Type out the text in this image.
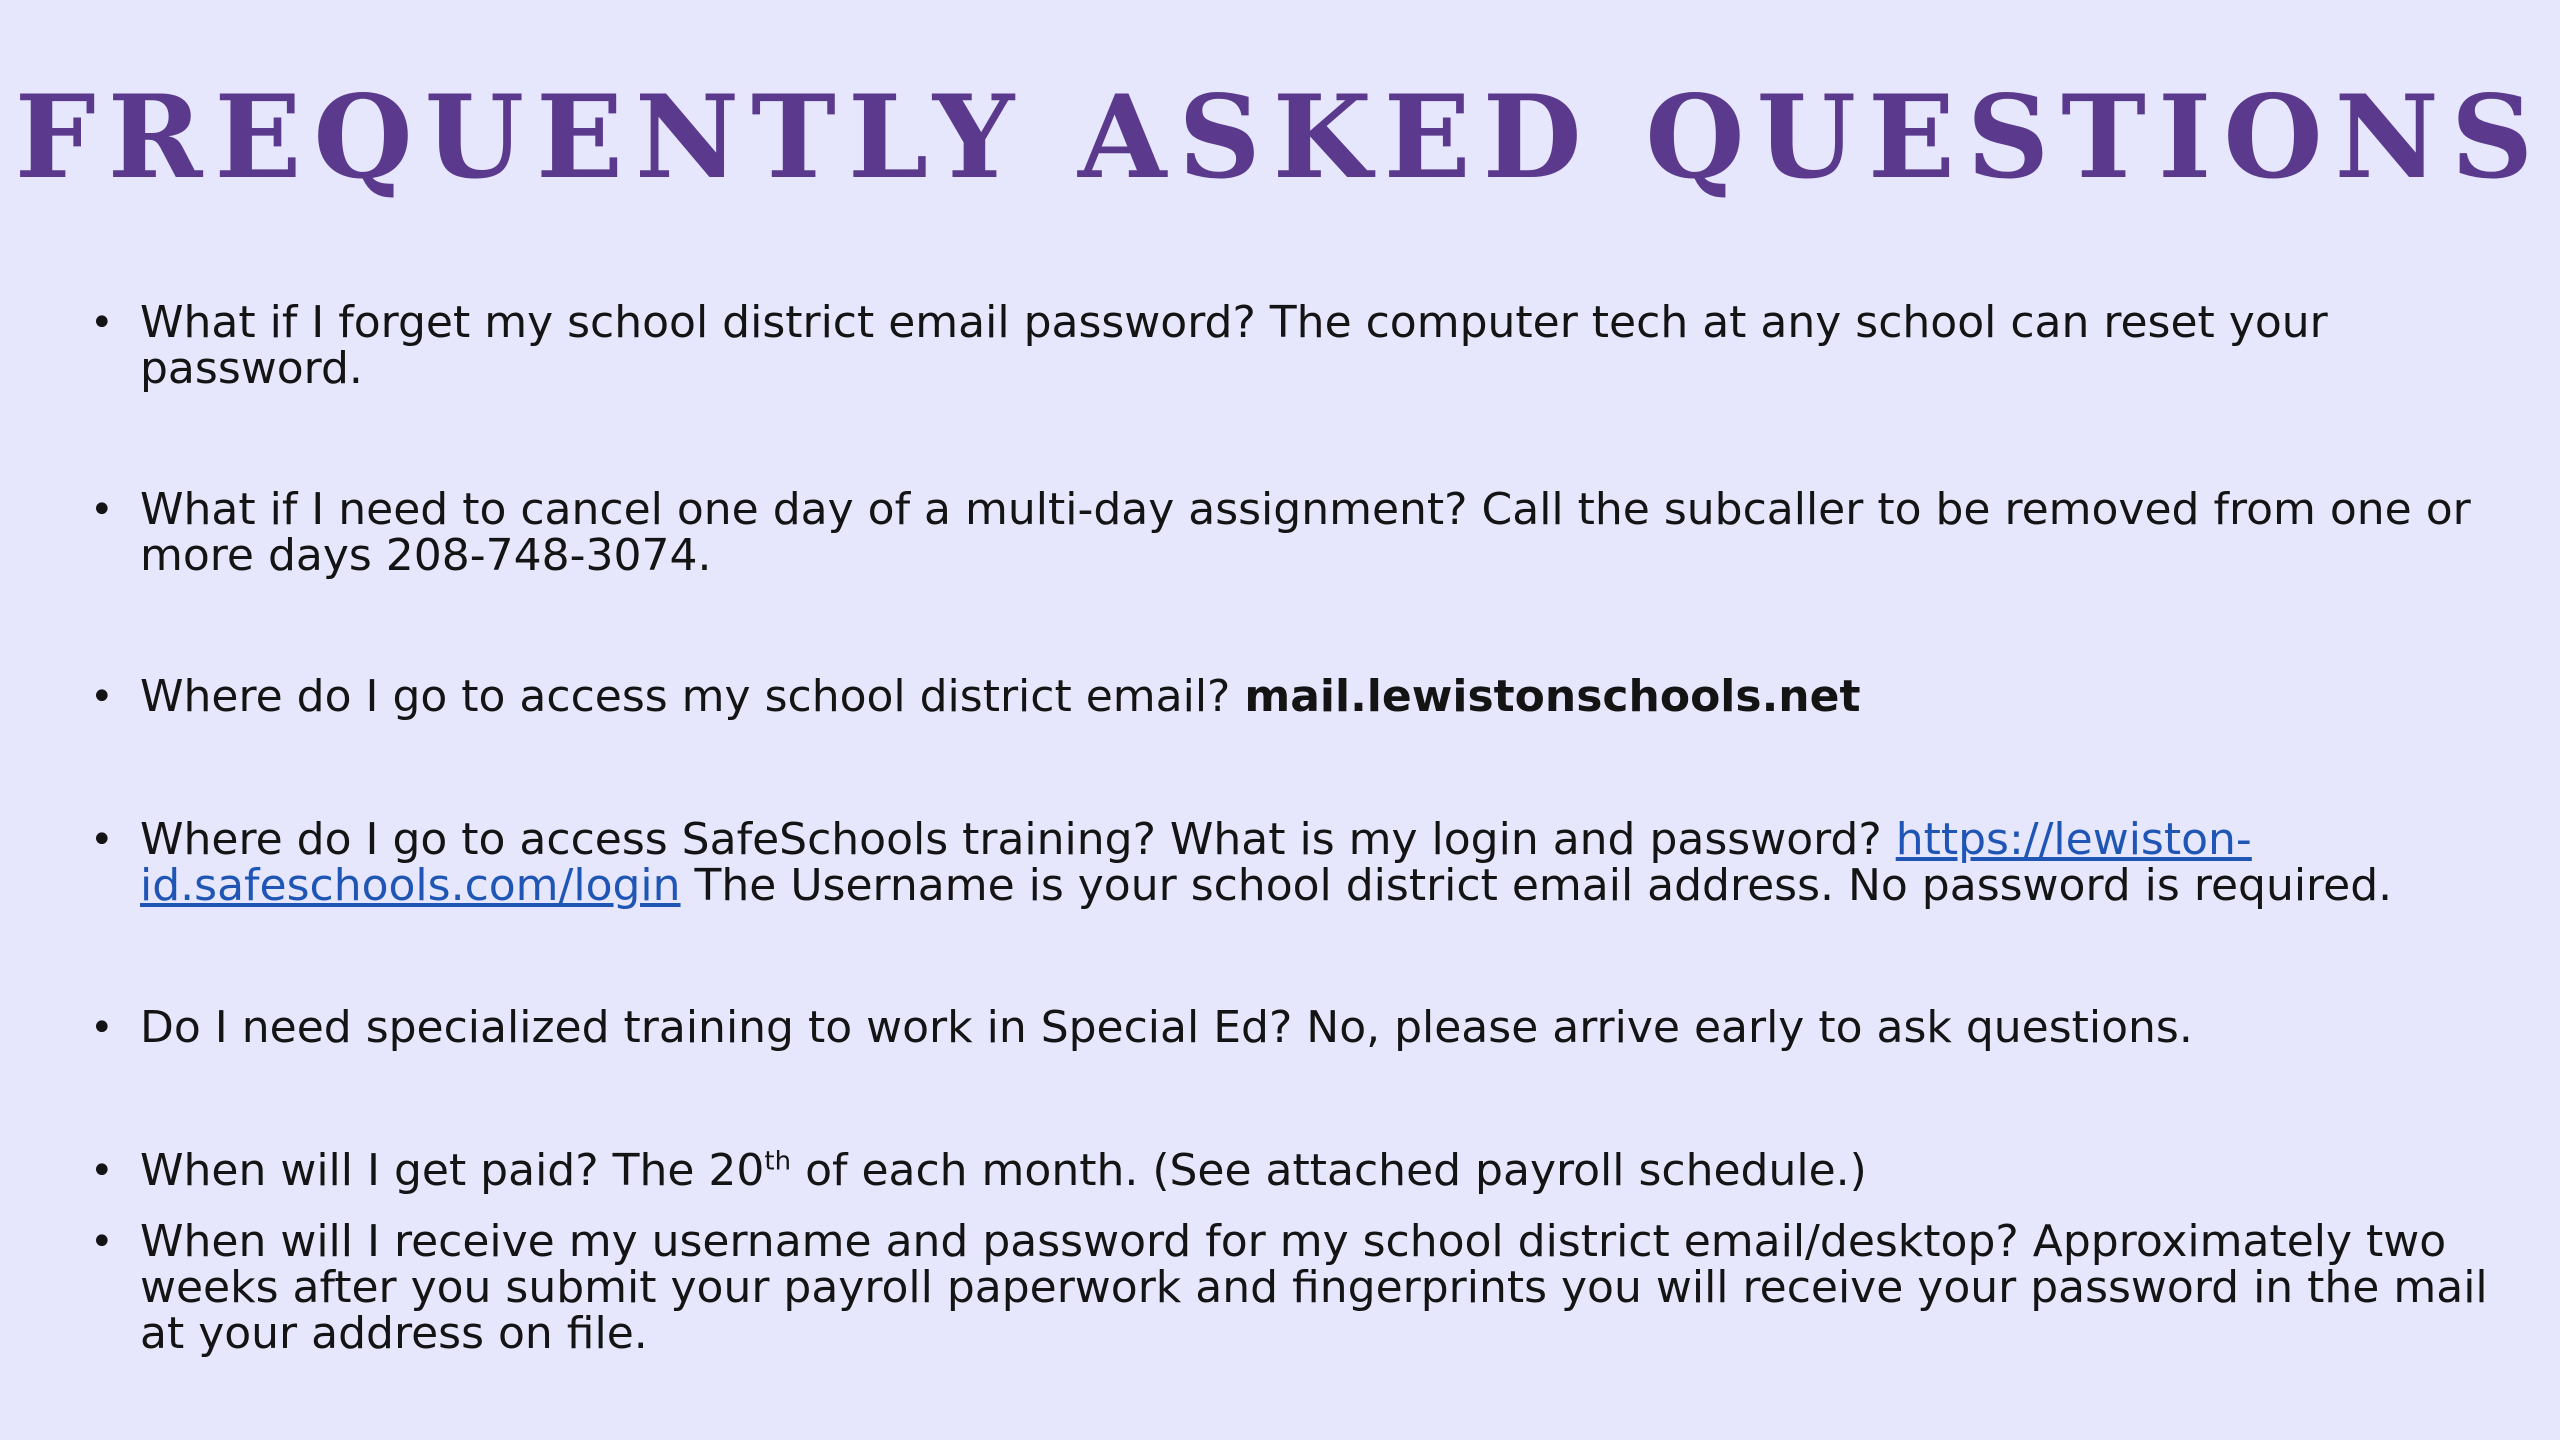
FREQUENTLY ASKED QUESTIONS
• What if I forget my school district email password? The computer tech at any school can reset your password.
• What if I need to cancel one day of a multi-day assignment? Call the subcaller to be removed from one or more days 208-748-3074.
• Where do I go to access my school district email? mail.lewistonschools.net
• Where do I go to access SafeSchools training? What is my login and password? https://lewiston-id.safeschools.com/login The Username is your school district email address. No password is required.
• Do I need specialized training to work in Special Ed? No, please arrive early to ask questions.
• When will I get paid? The 20th of each month. (See attached payroll schedule.)
• When will I receive my username and password for my school district email/desktop? Approximately two weeks after you submit your payroll paperwork and fingerprints you will receive your password in the mail at your address on file.
